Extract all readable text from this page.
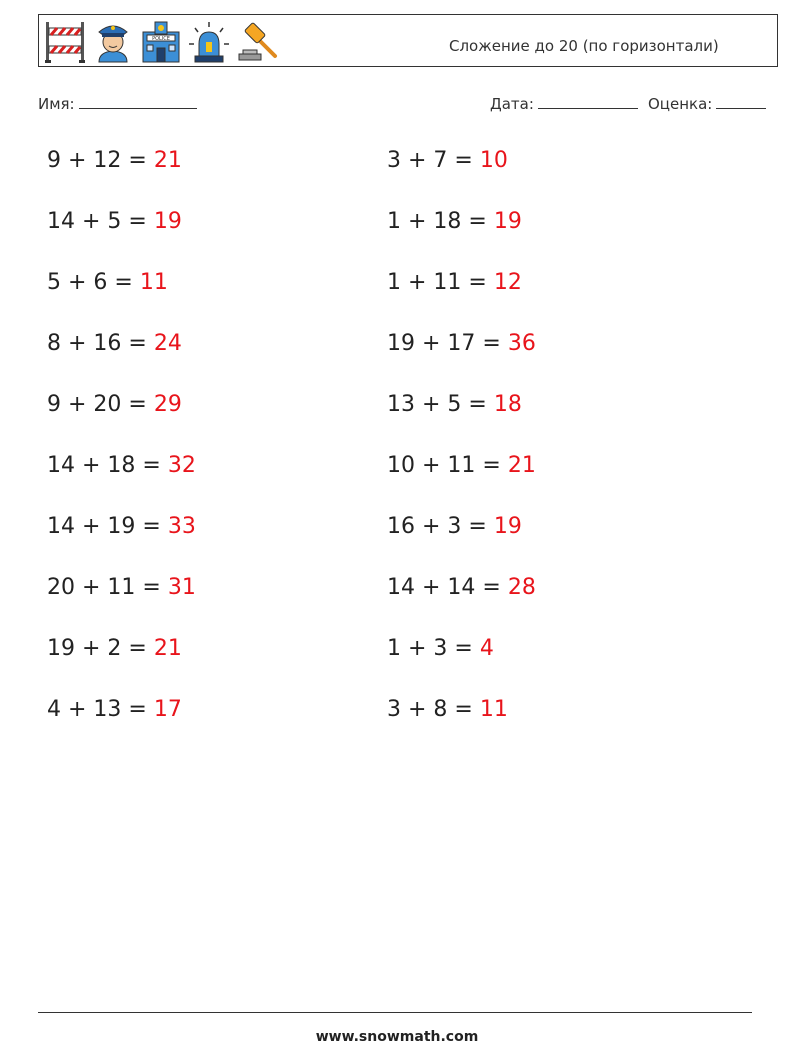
POLICE	Сложение до 20 (по горизонтали)
Имя:	Дата:	Оценка:
9 + 12 = 21	3 + 7 = 10
14 + 5 = 19	1 + 18 = 19
5 + 6 = 11	1 + 11 = 12
8 + 16 = 24	19 + 17 = 36
9 + 20 = 29	13 + 5 = 18
14 + 18 = 32	10 + 11 = 21
14 + 19 = 33	16 + 3 = 19
20 + 11 = 31	14 + 14 = 28
19 + 2 = 21	1 + 3 = 4
4 + 13 = 17	3 + 8 = 11
www.snowmath.com
